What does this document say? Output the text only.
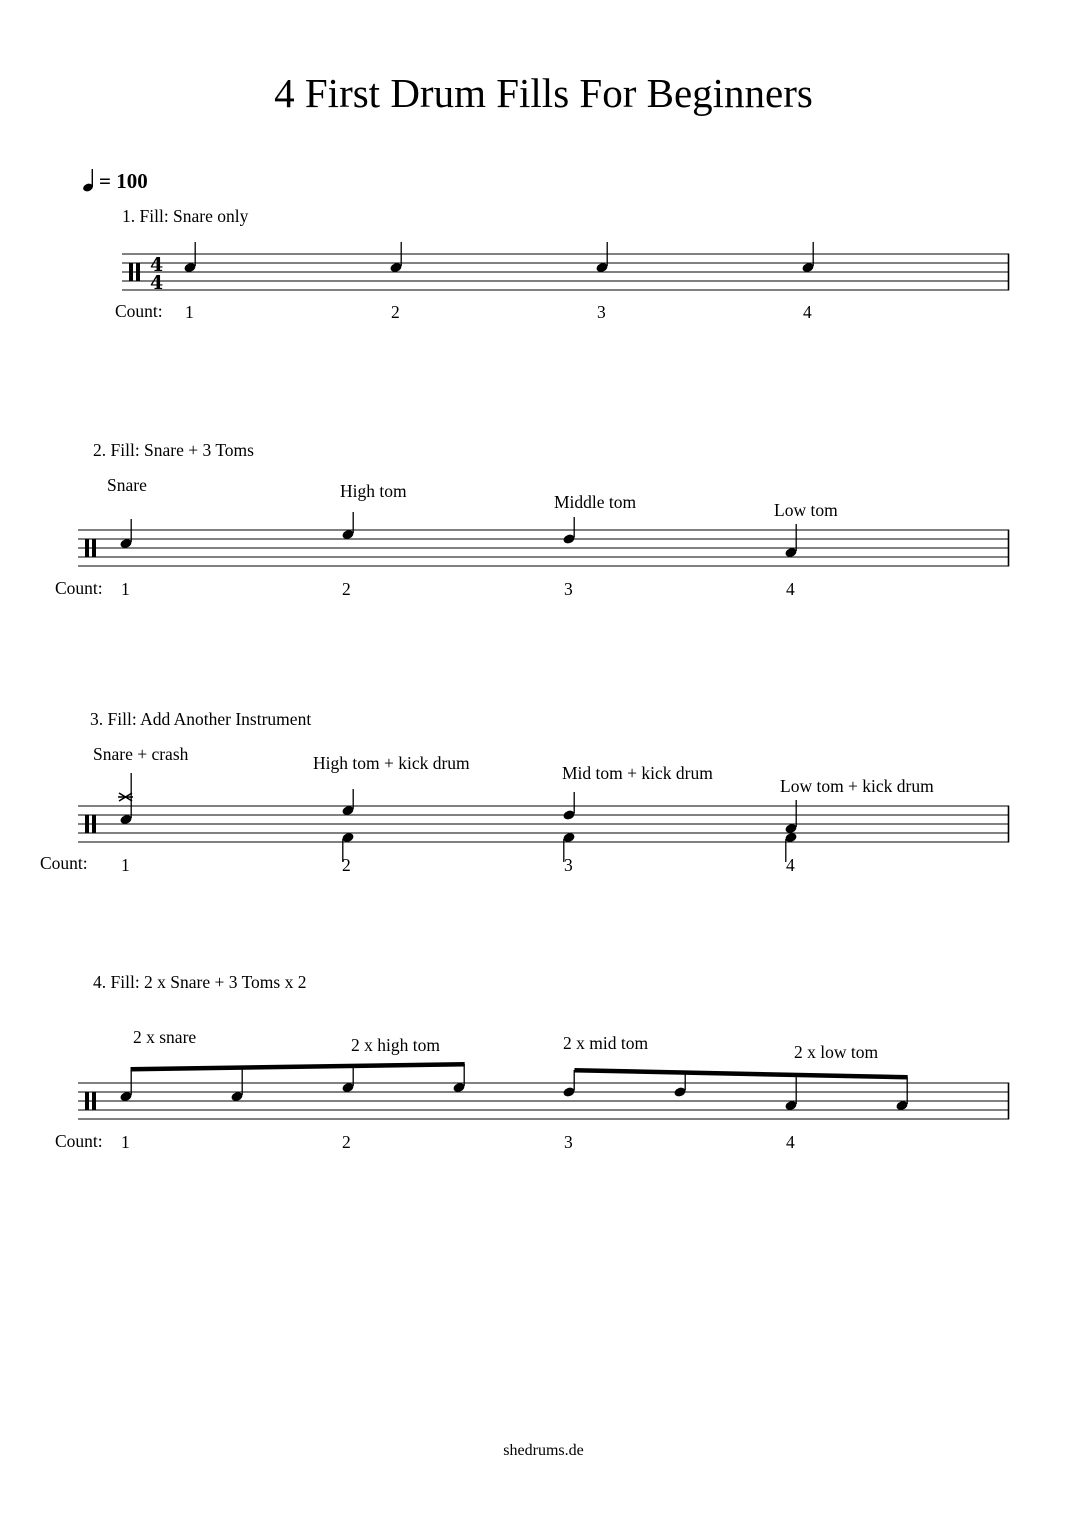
4 First Drum Fills For Beginners
= 100
1. Fill: Snare only
4
4
Count: 1	2	3	4
2. Fill: Snare + 3 Toms
Snare	High tom
Middle tom	Low tom
Count: 1	2	3	4
3. Fill: Add Another Instrument
Snare + crash	High tom + kick drum	Mid tom + kick drum
Low tom + kick drum
Count: 1	2	3	4
4. Fill: 2 x Snare + 3 Toms x 2
2 x snare	2 x high tom	2 x mid tom	2 x low tom
Count: 1	2	3	4
shedrums.de
